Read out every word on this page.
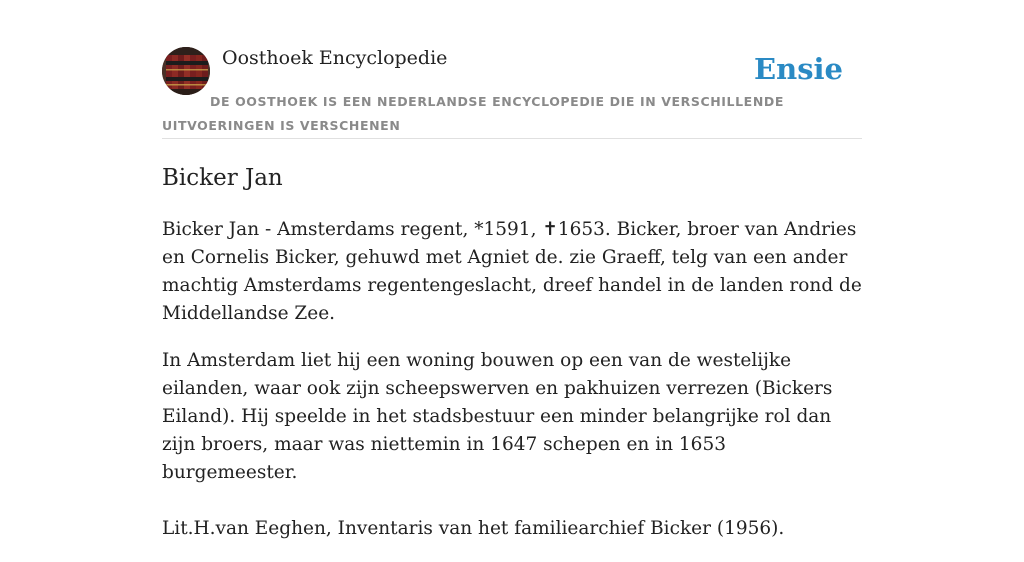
Oosthoek Encyclopedie	Ensie
DE OOSTHOEK IS EEN NEDERLANDSE ENCYCLOPEDIE DIE IN VERSCHILLENDE UITVOERINGEN IS VERSCHENEN
Bicker Jan

Bicker Jan - Amsterdams regent, *1591, ✝1653. Bicker, broer van Andries en Cornelis Bicker, gehuwd met Agniet de. zie Graeff, telg van een ander machtig Amsterdams regentengeslacht, dreef handel in de landen rond de Middellandse Zee.

In Amsterdam liet hij een woning bouwen op een van de westelijke eilanden, waar ook zijn scheepswerven en pakhuizen verrezen (Bickers Eiland). Hij speelde in het stadsbestuur een minder belangrijke rol dan zijn broers, maar was niettemin in 1647 schepen en in 1653 burgemeester.

Lit.H.van Eeghen, Inventaris van het familiearchief Bicker (1956).
